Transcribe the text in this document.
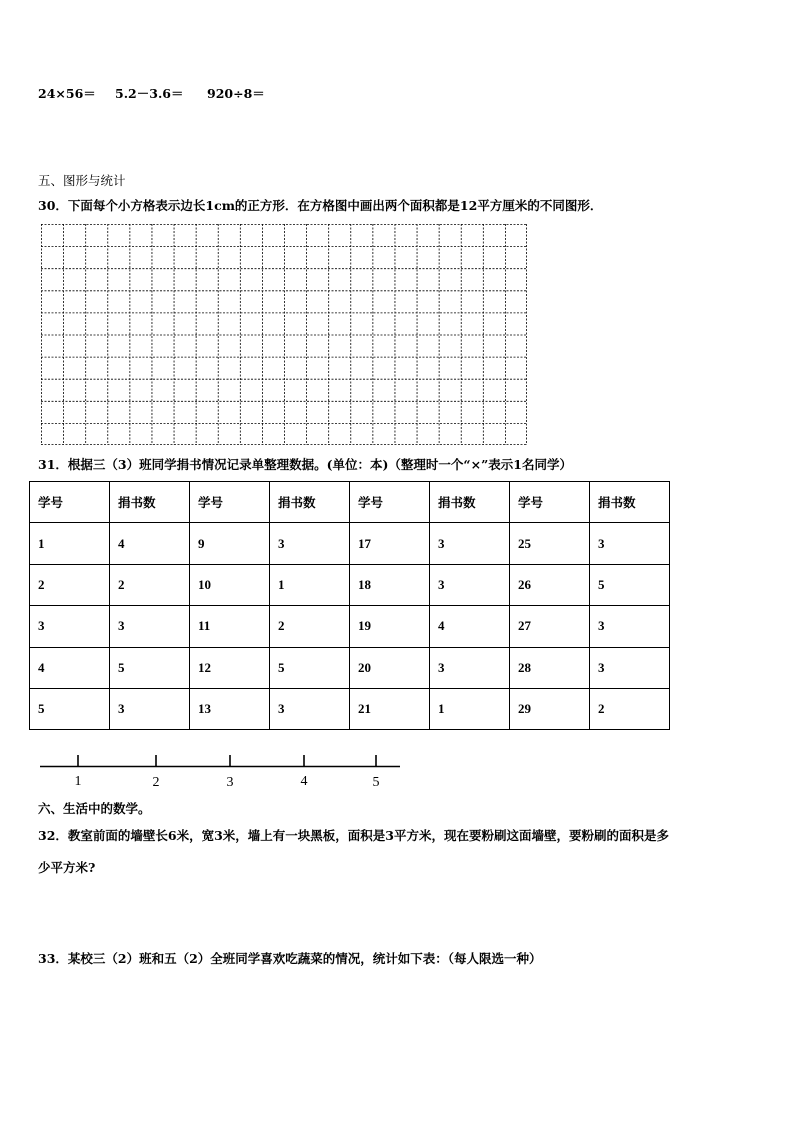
24×56＝ 5.2－3.6＝ 920÷8＝
五、图形与统计
30．下面每个小方格表示边长1cm的正方形．在方格图中画出两个面积都是12平方厘米的不同图形．
31．根据三（3）班同学捐书情况记录单整理数据。(单位：本)（整理时一个“×”表示1名同学）
学号	捐书数	学号	捐书数	学号	捐书数	学号	捐书数
1	4	9	3	17	3	25	3
2	2	10	1	18	3	26	5
3	3	11	2	19	4	27	3
4	5	12	5	20	3	28	3
5	3	13	3	21	1	29	2
1	2	3	4	5
六、生活中的数学。
32．教室前面的墙壁长6米，宽3米，墙上有一块黑板，面积是3平方米，现在要粉刷这面墙壁，要粉刷的面积是多
少平方米?
33．某校三（2）班和五（2）全班同学喜欢吃蔬菜的情况，统计如下表：（每人限选一种）
